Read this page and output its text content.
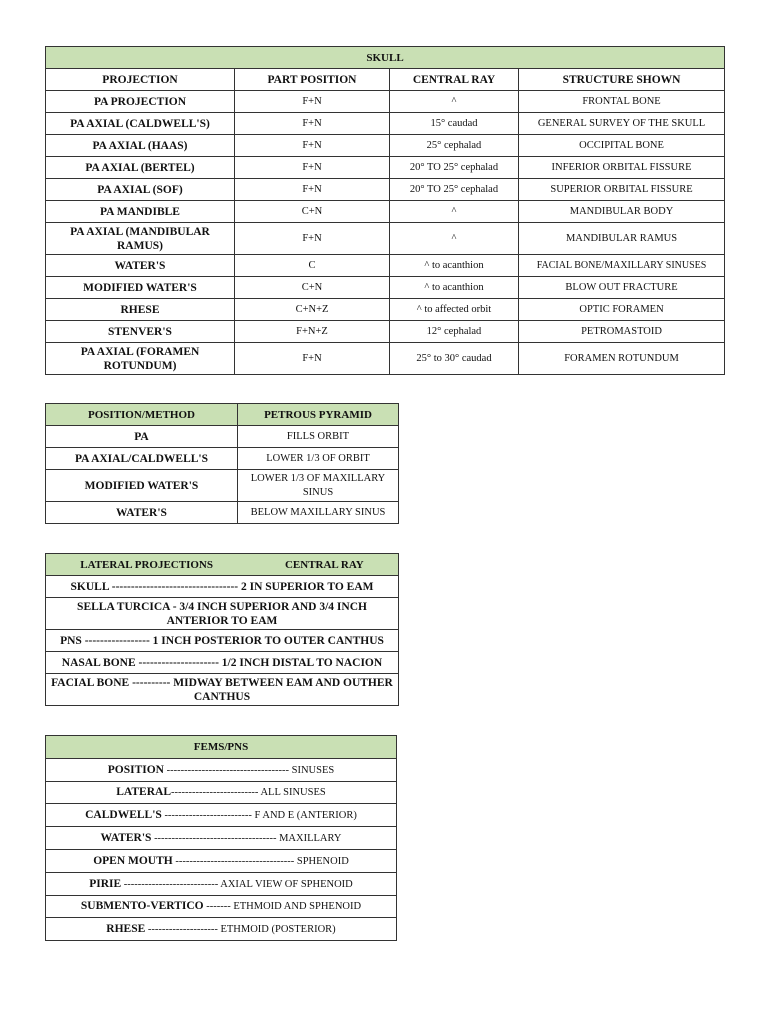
SKULL			
PROJECTION	PART POSITION	CENTRAL RAY	STRUCTURE SHOWN
PA PROJECTION	F+N	^	FRONTAL BONE
PA AXIAL (CALDWELL'S)	F+N	15° caudad	GENERAL SURVEY OF THE SKULL
PA AXIAL (HAAS)	F+N	25° cephalad	OCCIPITAL BONE
PA AXIAL (BERTEL)	F+N	20° TO 25° cephalad	INFERIOR ORBITAL FISSURE
PA AXIAL (SOF)	F+N	20° TO 25° cephalad	SUPERIOR ORBITAL FISSURE
PA MANDIBLE	C+N	^	MANDIBULAR BODY
PA AXIAL (MANDIBULAR RAMUS)	F+N	^	MANDIBULAR RAMUS
WATER'S	C	^ to acanthion	FACIAL BONE/MAXILLARY SINUSES
MODIFIED WATER'S	C+N	^ to acanthion	BLOW OUT FRACTURE
RHESE	C+N+Z	^ to affected orbit	OPTIC FORAMEN
STENVER'S	F+N+Z	12° cephalad	PETROMASTOID
PA AXIAL (FORAMEN ROTUNDUM)	F+N	25° to 30° caudad	FORAMEN ROTUNDUM
POSITION/METHOD	PETROUS PYRAMID
PA	FILLS ORBIT
PA AXIAL/CALDWELL'S	LOWER 1/3 OF ORBIT
MODIFIED WATER'S	LOWER 1/3 OF MAXILLARY SINUS
WATER'S	BELOW MAXILLARY SINUS
LATERAL PROJECTIONS	CENTRAL RAY
SKULL --------------------------------- 2 IN SUPERIOR TO EAM
SELLA TURCICA - 3/4 INCH SUPERIOR AND 3/4 INCH ANTERIOR TO EAM
PNS ----------------- 1 INCH POSTERIOR TO OUTER CANTHUS
NASAL BONE --------------------- 1/2 INCH DISTAL TO NACION
FACIAL BONE ---------- MIDWAY BETWEEN EAM AND OUTHER CANTHUS
FEMS/PNS
POSITION ----------------------------------- SINUSES
LATERAL------------------------- ALL SINUSES
CALDWELL'S ------------------------- F AND E (ANTERIOR)
WATER'S ----------------------------------- MAXILLARY
OPEN MOUTH ---------------------------------- SPHENOID
PIRIE --------------------------- AXIAL VIEW OF SPHENOID
SUBMENTO-VERTICO ------- ETHMOID AND SPHENOID
RHESE -------------------- ETHMOID (POSTERIOR)
